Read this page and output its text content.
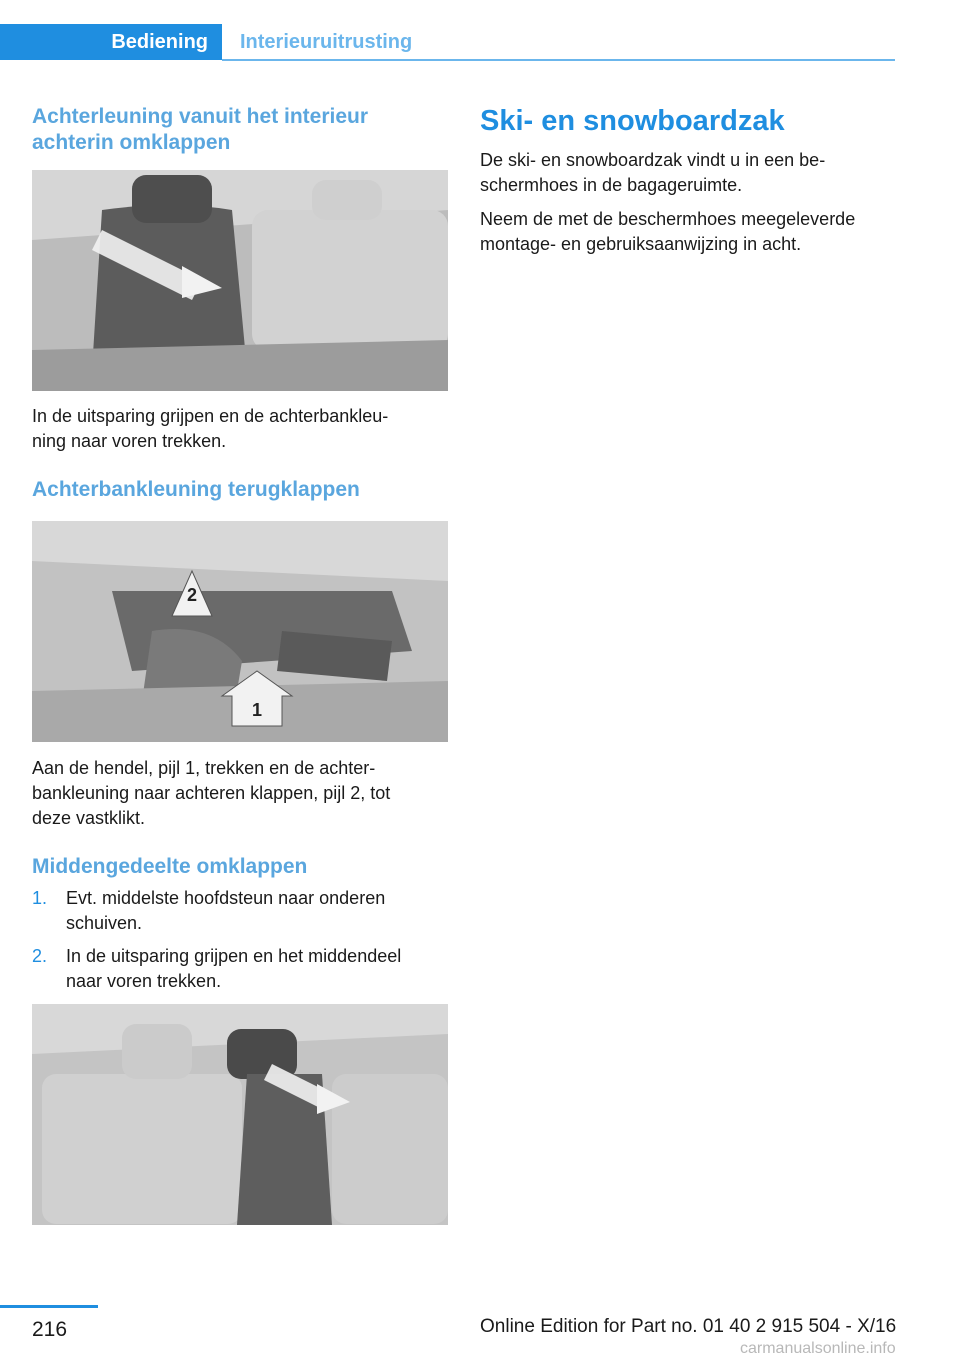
Bediening	Interieuruitrusting
Achterleuning vanuit het interieur
achterin omklappen

In de uitsparing grijpen en de achterbankleu‐
ning naar voren trekken.

Achterbankleuning terugklappen
2
1

Aan de hendel, pijl 1, trekken en de achter‐
bankleuning naar achteren klappen, pijl 2, tot
deze vastklikt.

Middengedeelte omklappen
1. Evt. middelste hoofdsteun naar onderen
schuiven.
2. In de uitsparing grijpen en het middendeel
naar voren trekken.
Ski- en snowboardzak

De ski- en snowboardzak vindt u in een be‐
schermhoes in de bagageruimte.

Neem de met de beschermhoes meegeleverde
montage- en gebruiksaanwijzing in acht.

216	Online Edition for Part no. 01 40 2 915 504 - X/16
carmanualsonline.info
